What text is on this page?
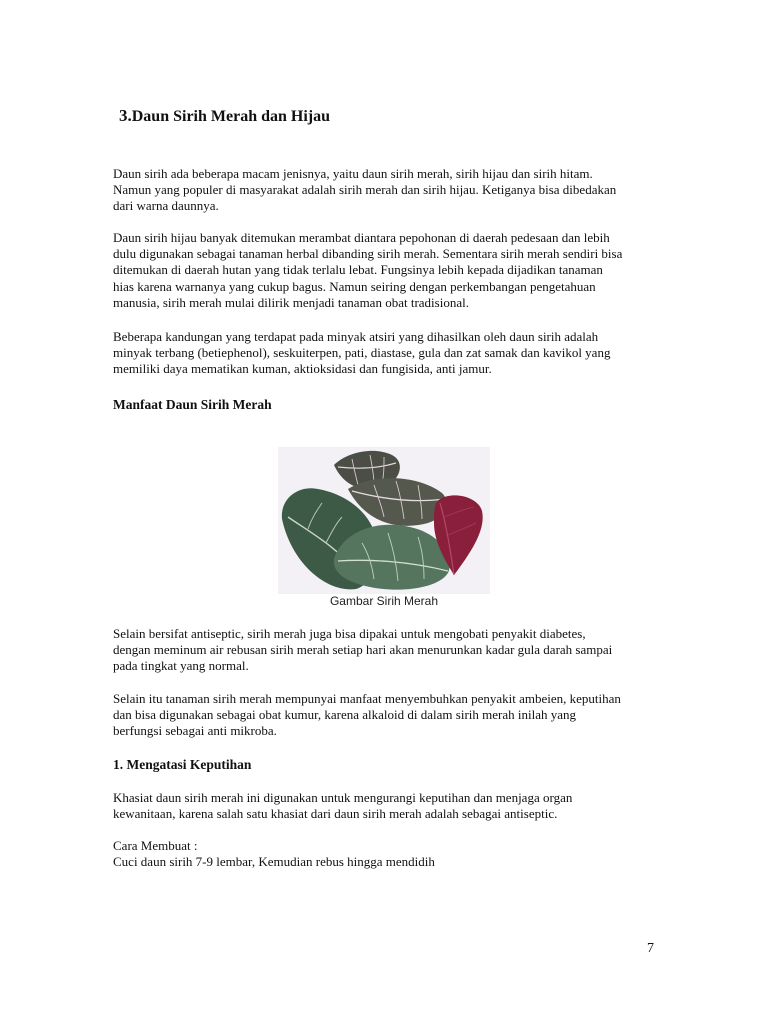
3.Daun Sirih Merah dan Hijau
Daun sirih ada beberapa macam jenisnya, yaitu daun sirih merah, sirih hijau dan sirih hitam.
Namun yang populer di masyarakat adalah sirih merah dan sirih hijau. Ketiganya bisa dibedakan
dari warna daunnya.
Daun sirih hijau banyak ditemukan merambat diantara pepohonan di daerah pedesaan dan lebih
dulu digunakan sebagai tanaman herbal dibanding sirih merah. Sementara sirih merah sendiri bisa
ditemukan di daerah hutan yang tidak terlalu lebat. Fungsinya lebih kepada dijadikan tanaman
hias karena warnanya yang cukup bagus. Namun seiring dengan perkembangan pengetahuan
manusia, sirih merah mulai dilirik menjadi tanaman obat tradisional.
Beberapa kandungan yang terdapat pada minyak atsiri yang dihasilkan oleh daun sirih adalah
minyak terbang (betiephenol), seskuiterpen, pati, diastase, gula dan zat samak dan kavikol yang
memiliki daya mematikan kuman, aktioksidasi dan fungisida, anti jamur.
Manfaat Daun Sirih Merah
Gambar Sirih Merah
Selain bersifat antiseptic, sirih merah juga bisa dipakai untuk mengobati penyakit diabetes,
dengan meminum air rebusan sirih merah setiap hari akan menurunkan kadar gula darah sampai
pada tingkat yang normal.
Selain itu tanaman sirih merah mempunyai manfaat menyembuhkan penyakit ambeien, keputihan
dan bisa digunakan sebagai obat kumur, karena alkaloid di dalam sirih merah inilah yang
berfungsi sebagai anti mikroba.
1. Mengatasi Keputihan
Khasiat daun sirih merah ini digunakan untuk mengurangi keputihan dan menjaga organ
kewanitaan, karena salah satu khasiat dari daun sirih merah adalah sebagai antiseptic.
Cara Membuat :
Cuci daun sirih 7-9 lembar, Kemudian rebus hingga mendidih
7
